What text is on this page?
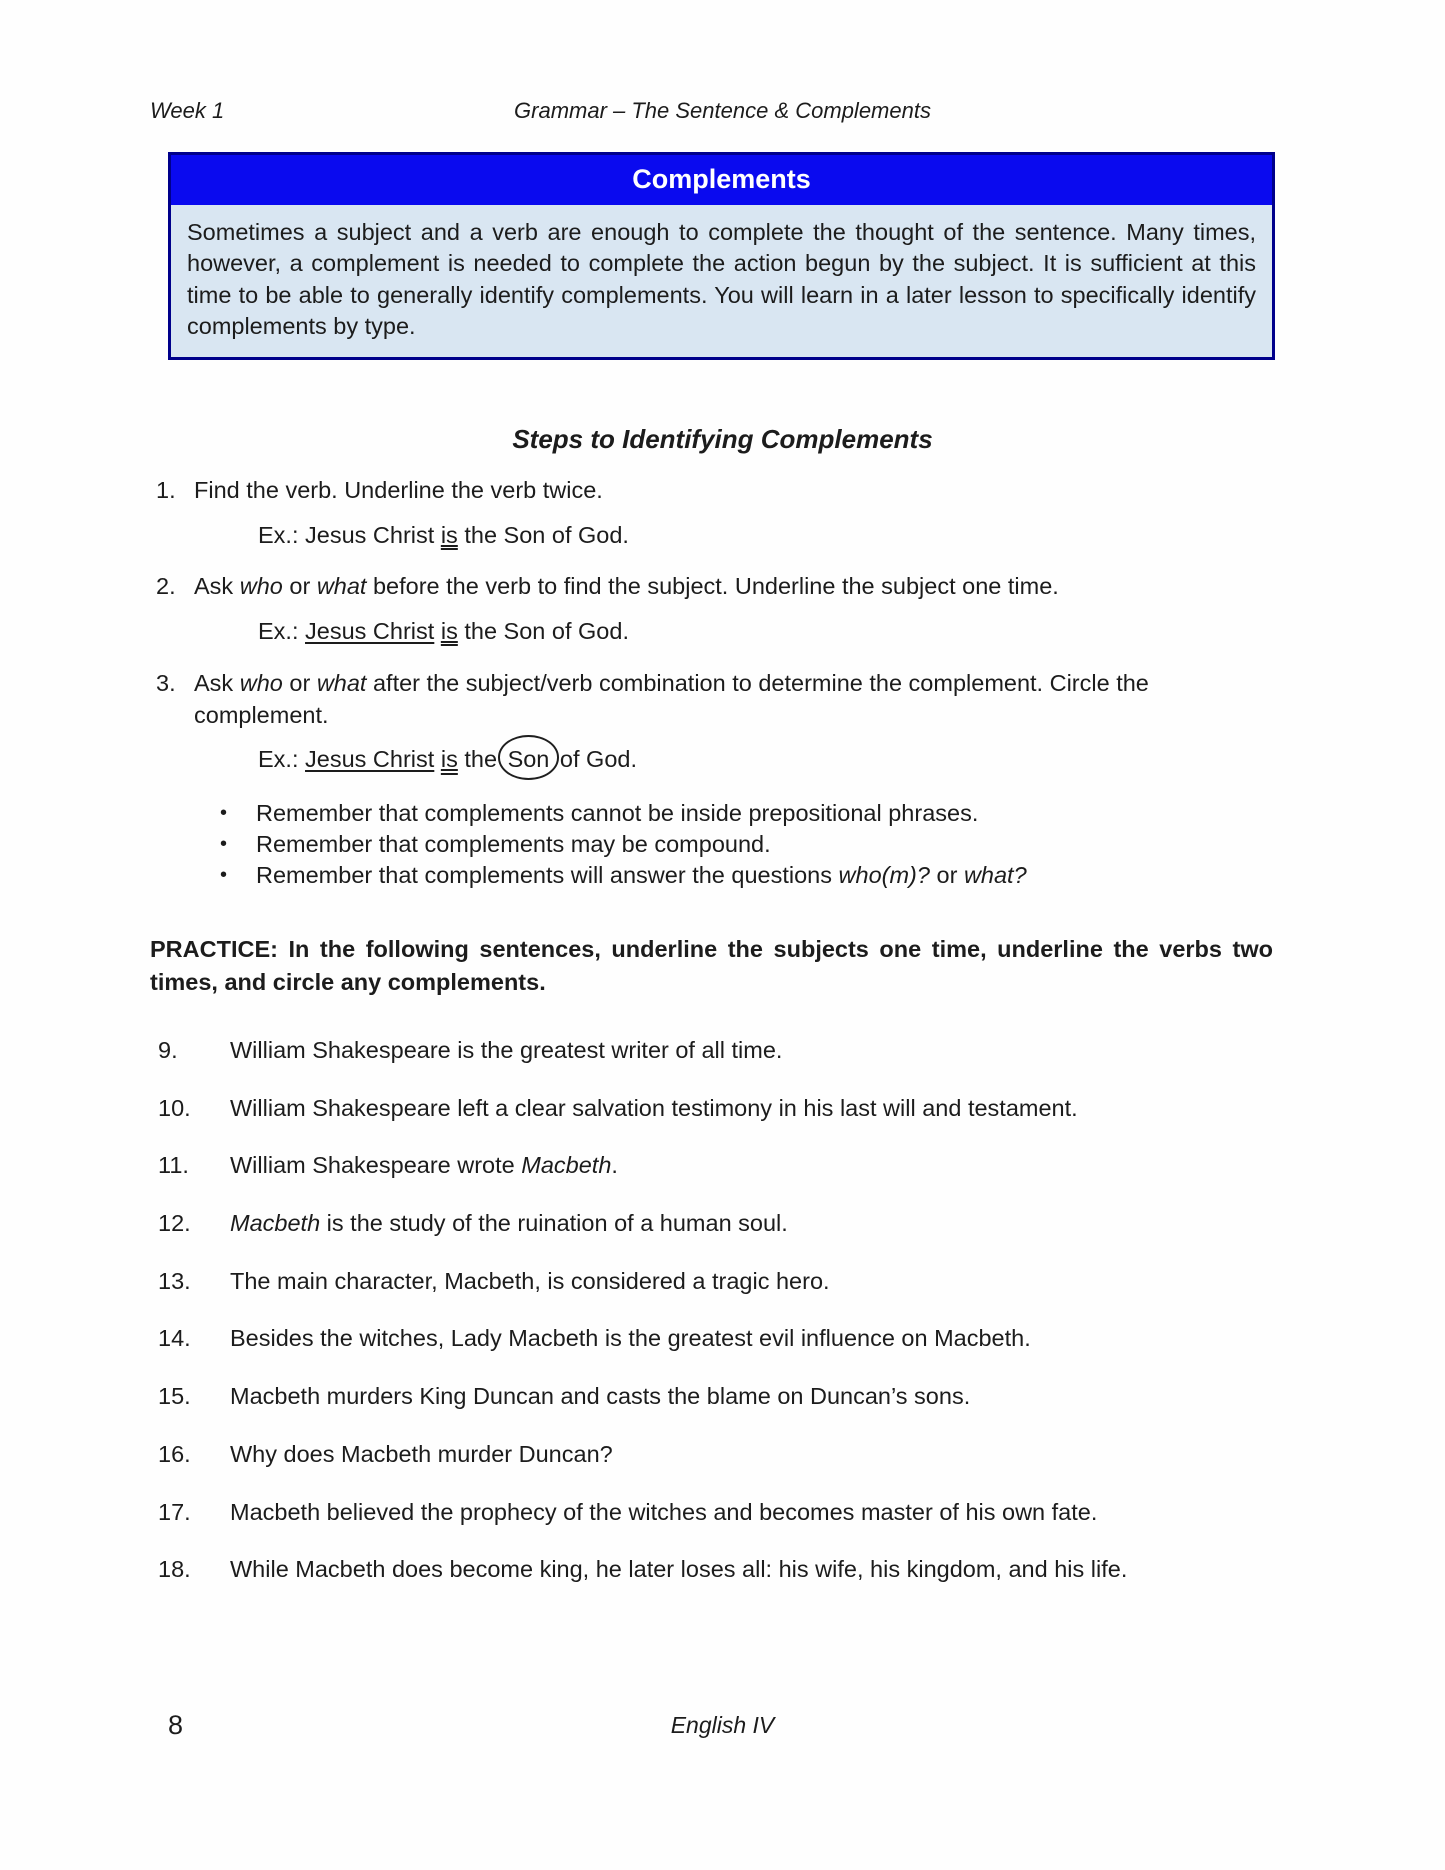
Week 1	Grammar – The Sentence & Complements
Complements
Sometimes a subject and a verb are enough to complete the thought of the sentence. Many times, however, a complement is needed to complete the action begun by the subject. It is sufficient at this time to be able to generally identify complements. You will learn in a later lesson to specifically identify complements by type.
Steps to Identifying Complements
1. Find the verb. Underline the verb twice.
Ex.: Jesus Christ is the Son of God.
2. Ask who or what before the verb to find the subject. Underline the subject one time.
Ex.: Jesus Christ is the Son of God.
3. Ask who or what after the subject/verb combination to determine the complement. Circle the complement.
Ex.: Jesus Christ is the Son of God.
• Remember that complements cannot be inside prepositional phrases.
• Remember that complements may be compound.
• Remember that complements will answer the questions who(m)? or what?
PRACTICE: In the following sentences, underline the subjects one time, underline the verbs two times, and circle any complements.
9. William Shakespeare is the greatest writer of all time.
10. William Shakespeare left a clear salvation testimony in his last will and testament.
11. William Shakespeare wrote Macbeth.
12. Macbeth is the study of the ruination of a human soul.
13. The main character, Macbeth, is considered a tragic hero.
14. Besides the witches, Lady Macbeth is the greatest evil influence on Macbeth.
15. Macbeth murders King Duncan and casts the blame on Duncan’s sons.
16. Why does Macbeth murder Duncan?
17. Macbeth believed the prophecy of the witches and becomes master of his own fate.
18. While Macbeth does become king, he later loses all: his wife, his kingdom, and his life.
8	English IV
